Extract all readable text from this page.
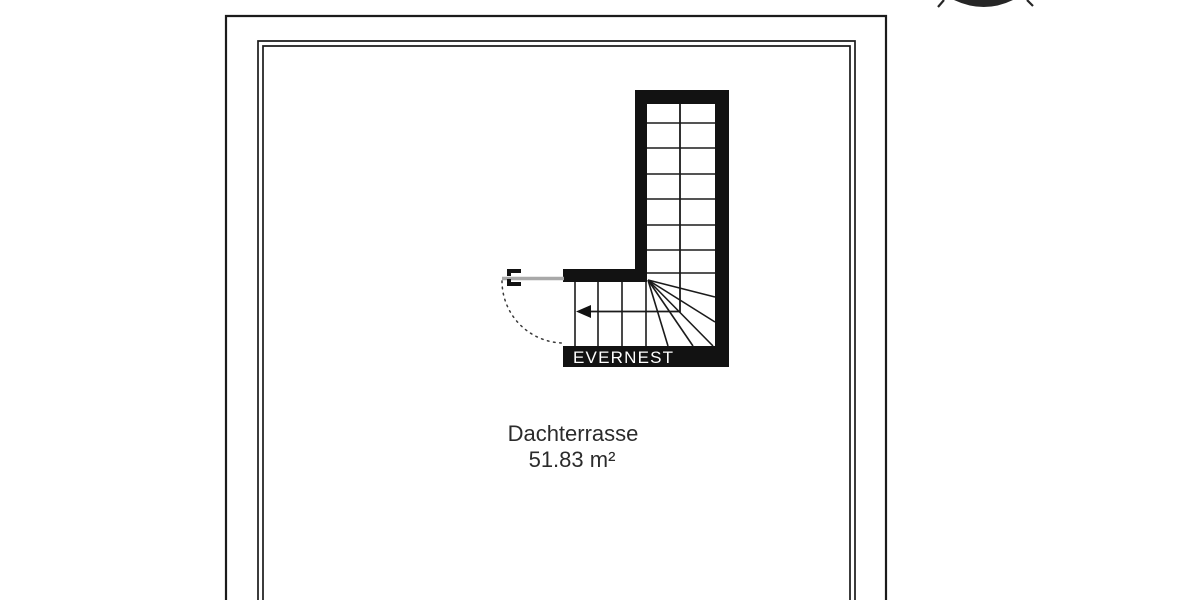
Dachterrasse
51.83 m²
EVERNEST
